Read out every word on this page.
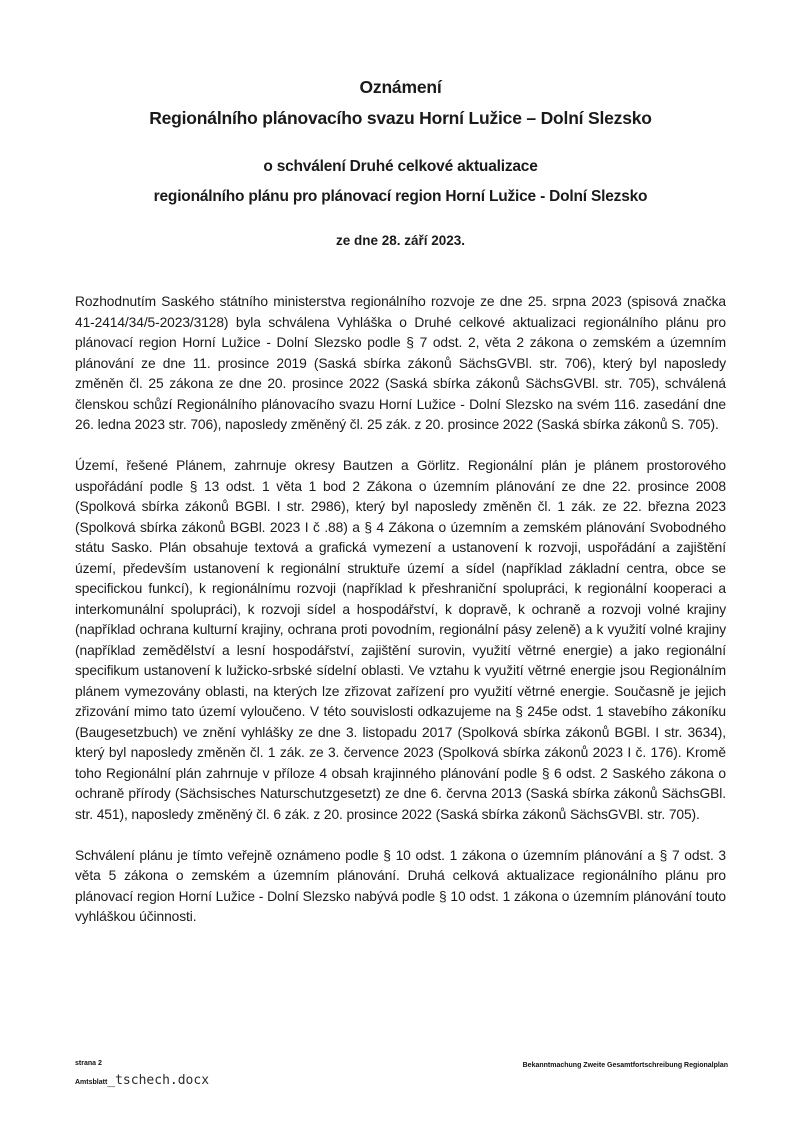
Oznámení
Regionálního plánovacího svazu Horní Lužice – Dolní Slezsko
o schválení Druhé celkové aktualizace
regionálního plánu pro plánovací region Horní Lužice - Dolní Slezsko
ze dne 28. září 2023.

Rozhodnutím Saského státního ministerstva regionálního rozvoje ze dne 25. srpna 2023 (spisová značka 41-2414/34/5-2023/3128) byla schválena Vyhláška o Druhé celkové aktualizaci regionálního plánu pro plánovací region Horní Lužice - Dolní Slezsko podle § 7 odst. 2, věta 2 zákona o zemském a územním plánování ze dne 11. prosince 2019 (Saská sbírka zákonů SächsGVBl. str. 706), který byl naposledy změněn čl. 25 zákona ze dne 20. prosince 2022 (Saská sbírka zákonů SächsGVBl. str. 705), schválená členskou schůzí Regionálního plánovacího svazu Horní Lužice - Dolní Slezsko na svém 116. zasedání dne 26. ledna 2023 str. 706), naposledy změněný čl. 25 zák. z 20. prosince 2022 (Saská sbírka zákonů S. 705).

Území, řešené Plánem, zahrnuje okresy Bautzen a Görlitz. Regionální plán je plánem prostorového uspořádání podle § 13 odst. 1 věta 1 bod 2 Zákona o územním plánování ze dne 22. prosince 2008 (Spolková sbírka zákonů BGBl. I str. 2986), který byl naposledy změněn čl. 1 zák. ze 22. března 2023 (Spolková sbírka zákonů BGBl. 2023 I č .88) a § 4 Zákona o územním a zemském plánování Svobodného státu Sasko. Plán obsahuje textová a grafická vymezení a ustanovení k rozvoji, uspořádání a zajištění území, především ustanovení k regionální struktuře území a sídel (například základní centra, obce se specifickou funkcí), k regionálnímu rozvoji (například k přeshraniční spolupráci, k regionální kooperaci a interkomunální spolupráci), k rozvoji sídel a hospodářství, k dopravě, k ochraně a rozvoji volné krajiny (například ochrana kulturní krajiny, ochrana proti povodním, regionální pásy zeleně) a k využití volné krajiny (například zemědělství a lesní hospodářství, zajištění surovin, využití větrné energie) a jako regionální specifikum ustanovení k lužicko-srbské sídelní oblasti. Ve vztahu k využití větrné energie jsou Regionálním plánem vymezovány oblasti, na kterých lze zřizovat zařízení pro využití větrné energie. Současně je jejich zřizování mimo tato území vyloučeno. V této souvislosti odkazujeme na § 245e odst. 1 stavebího zákoníku (Baugesetzbuch) ve znění vyhlášky ze dne 3. listopadu 2017 (Spolková sbírka zákonů BGBl. I str. 3634), který byl naposledy změněn čl. 1 zák. ze 3. července 2023 (Spolková sbírka zákonů 2023 I č. 176). Kromě toho Regionální plán zahrnuje v příloze 4 obsah krajinného plánování podle § 6 odst. 2 Saského zákona o ochraně přírody (Sächsisches Naturschutzgesetzt) ze dne 6. června 2013 (Saská sbírka zákonů SächsGBl. str. 451), naposledy změněný čl. 6 zák. z 20. prosince 2022 (Saská sbírka zákonů SächsGVBl. str. 705).

Schválení plánu je tímto veřejně oznámeno podle § 10 odst. 1 zákona o územním plánování a § 7 odst. 3 věta 5 zákona o zemském a územním plánování. Druhá celková aktualizace regionálního plánu pro plánovací region Horní Lužice - Dolní Slezsko nabývá podle § 10 odst. 1 zákona o územním plánování touto vyhláškou účinnosti.

strana 2
Amtsblatt_tschech.docx
Bekanntmachung Zweite Gesamtfortschreibung Regionalplan
